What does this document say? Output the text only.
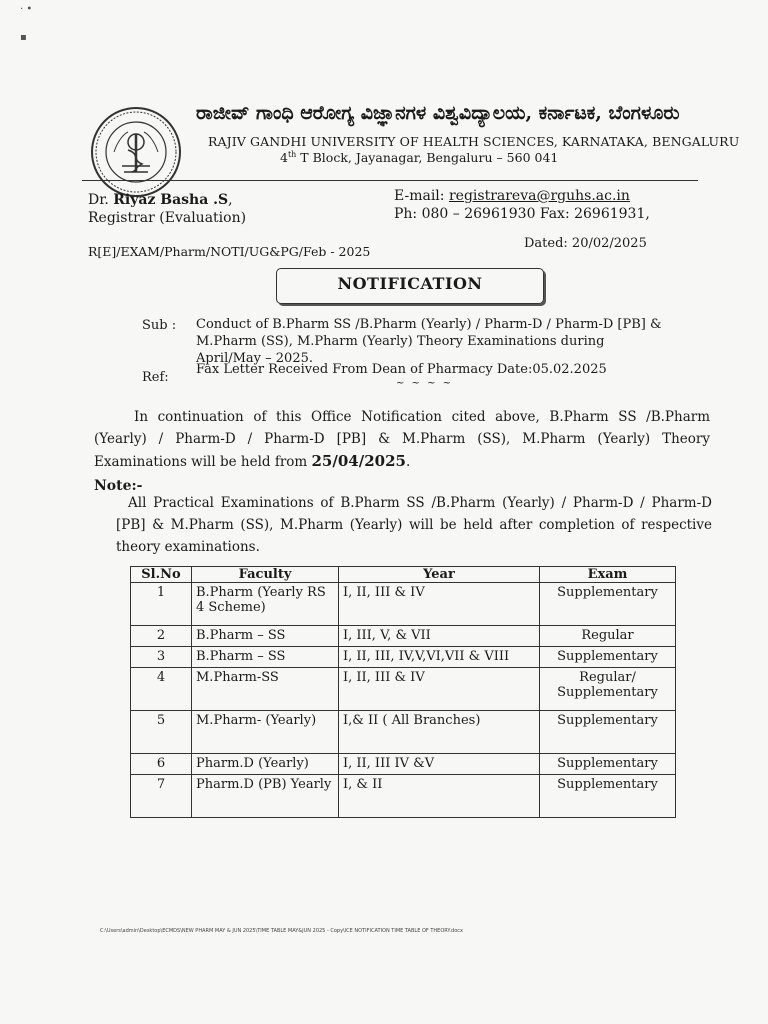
· •
▪
ರಾಜೀವ್ ಗಾಂಧಿ ಆರೋಗ್ಯ ವಿಜ್ಞಾನಗಳ ವಿಶ್ವವಿದ್ಯಾಲಯ, ಕರ್ನಾಟಕ, ಬೆಂಗಳೂರು
RAJIV GANDHI UNIVERSITY OF HEALTH SCIENCES, KARNATAKA, BENGALURU
4th T Block, Jayanagar, Bengaluru – 560 041
Dr. Riyaz Basha .S,
Registrar (Evaluation)
E-mail: registrareva@rguhs.ac.in
Ph: 080 – 26961930 Fax: 26961931,
R[E]/EXAM/Pharm/NOTI/UG&PG/Feb - 2025
Dated: 20/02/2025
NOTIFICATION
Sub : Conduct of B.Pharm SS /B.Pharm (Yearly) / Pharm-D / Pharm-D [PB] & M.Pharm (SS), M.Pharm (Yearly) Theory Examinations during April/May – 2025.
Ref:
Fax Letter Received From Dean of Pharmacy Date:05.02.2025
~ ~ ~ ~
In continuation of this Office Notification cited above, B.Pharm SS /B.Pharm (Yearly) / Pharm-D / Pharm-D [PB] & M.Pharm (SS), M.Pharm (Yearly) Theory Examinations will be held from 25/04/2025.
Note:-
All Practical Examinations of B.Pharm SS /B.Pharm (Yearly) / Pharm-D / Pharm-D [PB] & M.Pharm (SS), M.Pharm (Yearly) will be held after completion of respective theory examinations.
Sl.No	Faculty	Year	Exam
1	B.Pharm (Yearly RS 4 Scheme)	I, II, III & IV	Supplementary
2	B.Pharm – SS	I, III, V, & VII	Regular
3	B.Pharm – SS	I, II, III, IV,V,VI,VII & VIII	Supplementary
4	M.Pharm-SS	I, II, III & IV	Regular/ Supplementary
5	M.Pharm- (Yearly)	I,& II ( All Branches)	Supplementary
6	Pharm.D (Yearly)	I, II, III IV &V	Supplementary
7	Pharm.D (PB) Yearly	I, & II	Supplementary
C:\Users\admin\Desktop\ECMDS\NEW PHARM MAY & JUN 2025\TIME TABLE MAY&JUN 2025 - Copy\ICE NOTIFICATION TIME TABLE OF THEORY.docx
